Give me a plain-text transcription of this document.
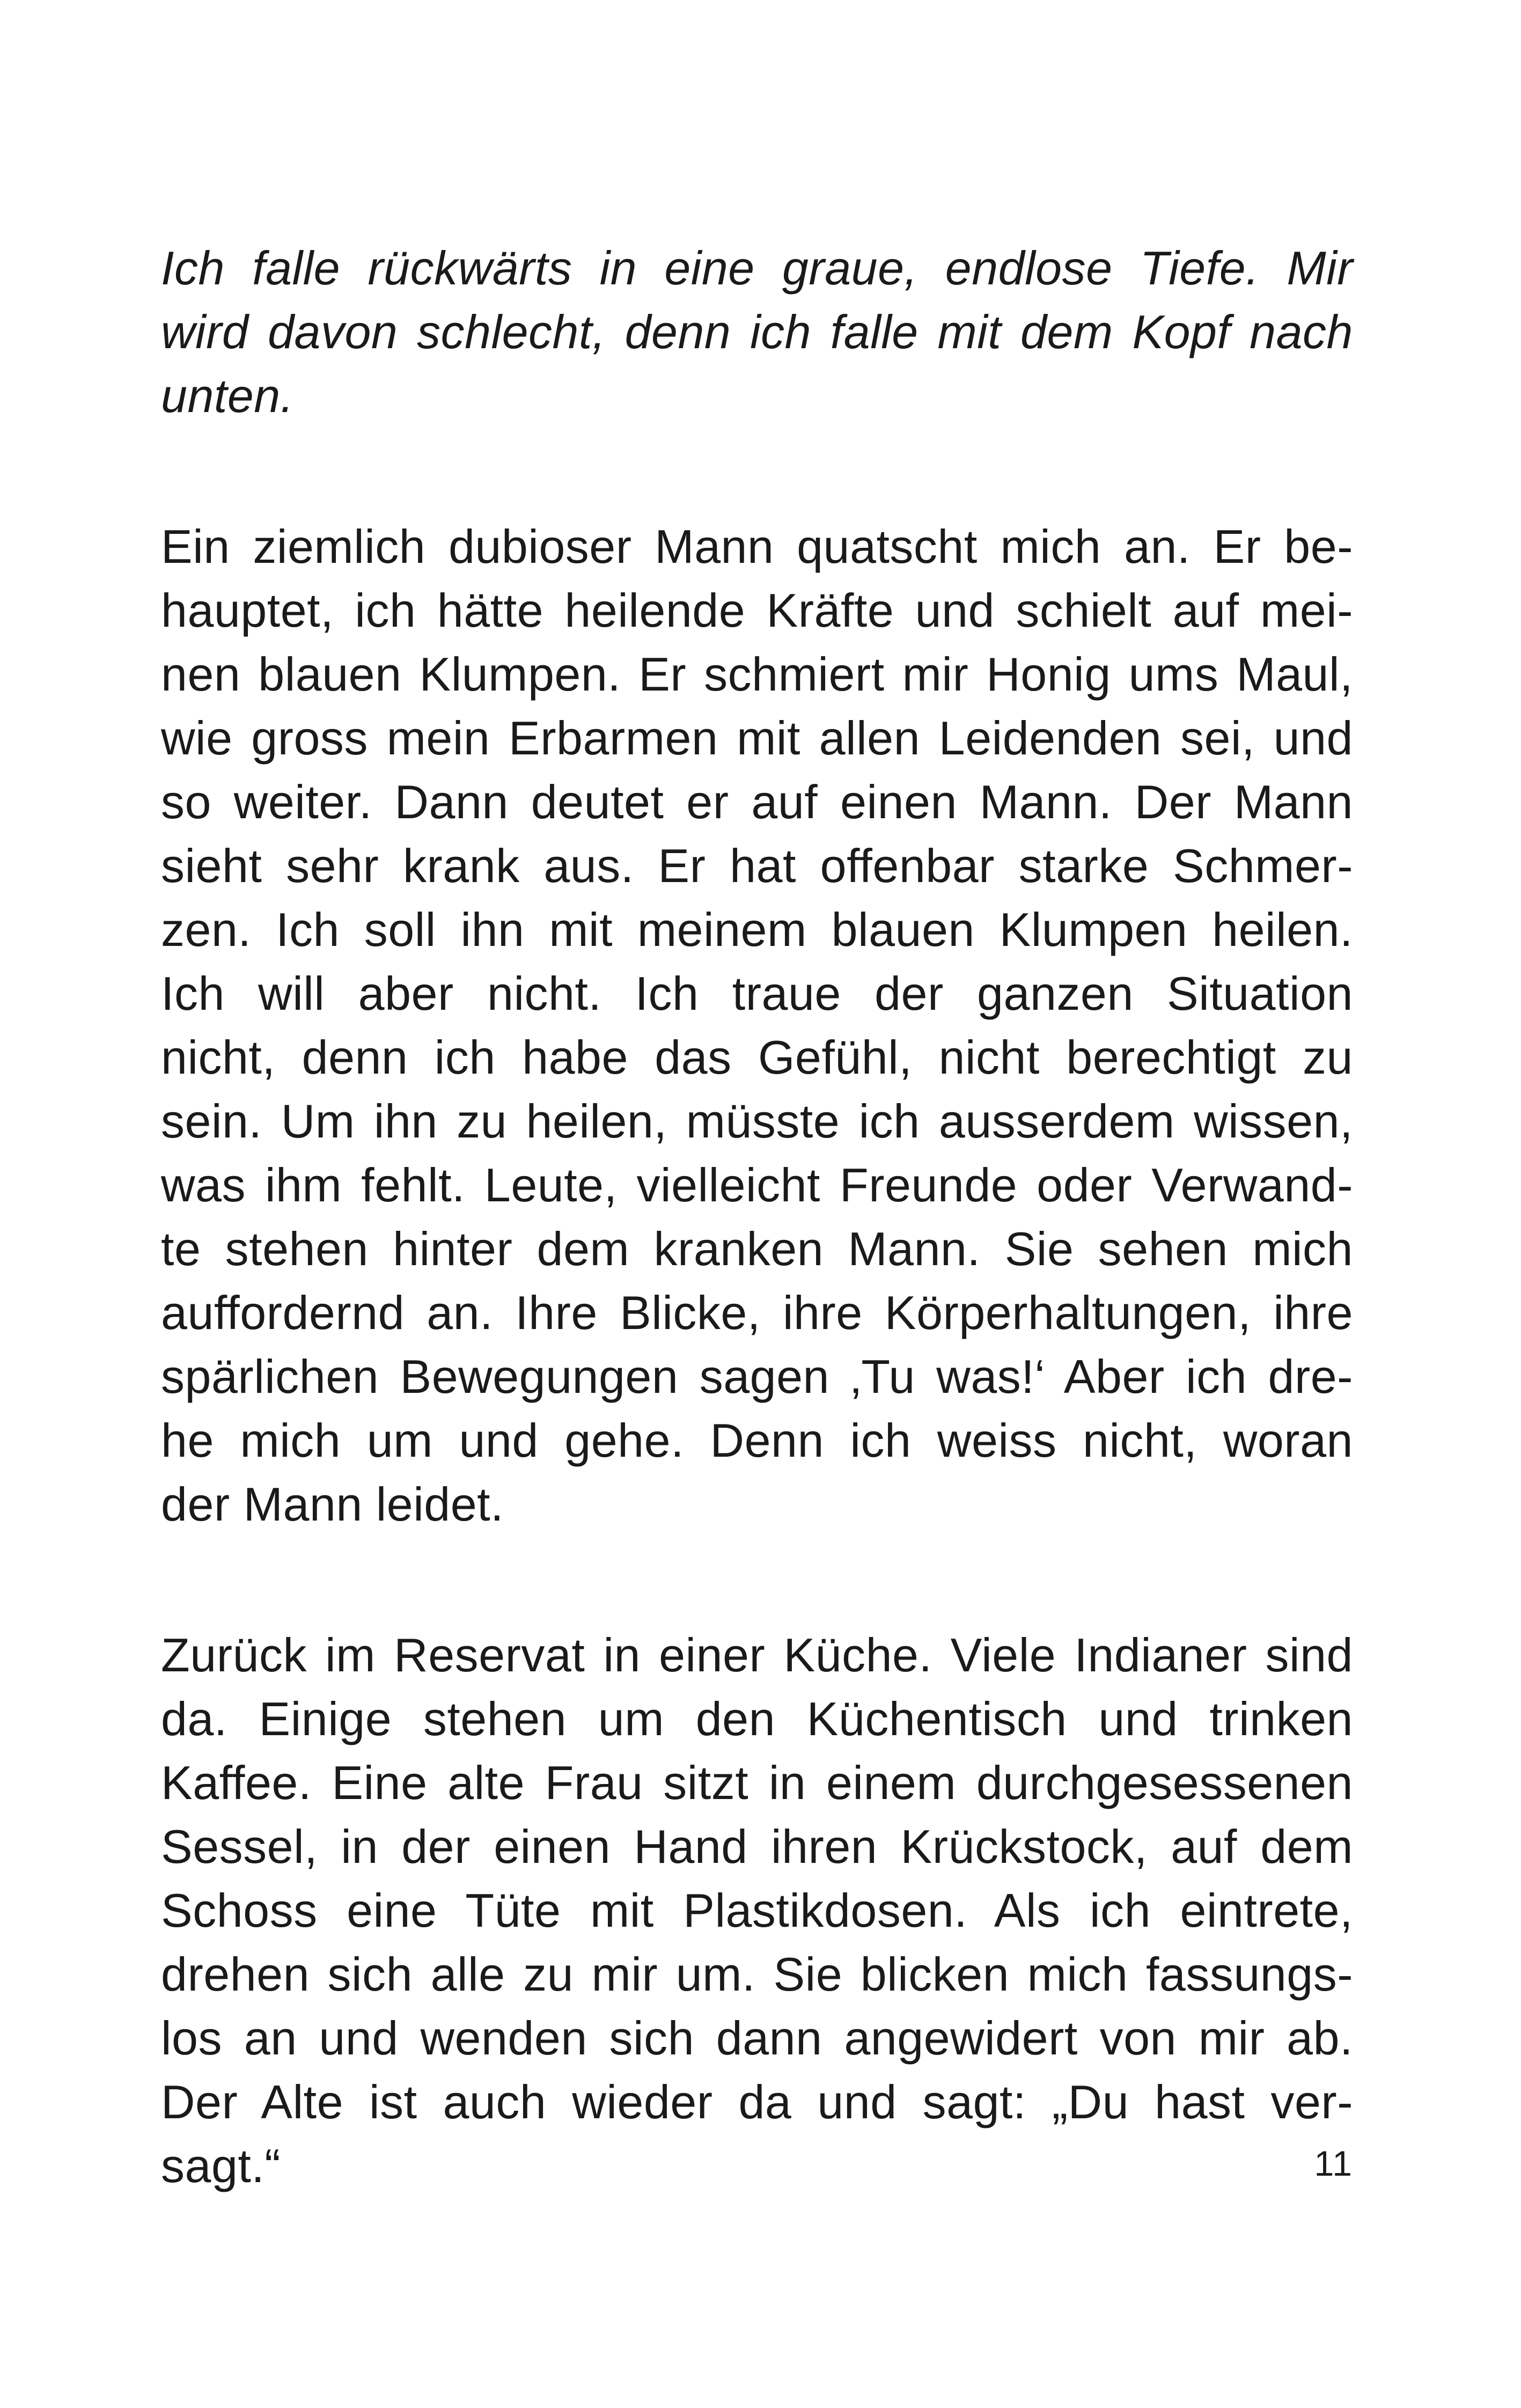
Ich falle rückwärts in eine graue, endlose Tiefe. Mir
wird davon schlecht, denn ich falle mit dem Kopf nach
unten.

Ein ziemlich dubioser Mann quatscht mich an. Er be-
hauptet, ich hätte heilende Kräfte und schielt auf mei-
nen blauen Klumpen. Er schmiert mir Honig ums Maul,
wie gross mein Erbarmen mit allen Leidenden sei, und
so weiter. Dann deutet er auf einen Mann. Der Mann
sieht sehr krank aus. Er hat offenbar starke Schmer-
zen. Ich soll ihn mit meinem blauen Klumpen heilen.
Ich will aber nicht. Ich traue der ganzen Situation
nicht, denn ich habe das Gefühl, nicht berechtigt zu
sein. Um ihn zu heilen, müsste ich ausserdem wissen,
was ihm fehlt. Leute, vielleicht Freunde oder Verwand-
te stehen hinter dem kranken Mann. Sie sehen mich
auffordernd an. Ihre Blicke, ihre Körperhaltungen, ihre
spärlichen Bewegungen sagen ‚Tu was!‘ Aber ich dre-
he mich um und gehe. Denn ich weiss nicht, woran
der Mann leidet.

Zurück im Reservat in einer Küche. Viele Indianer sind
da. Einige stehen um den Küchentisch und trinken
Kaffee. Eine alte Frau sitzt in einem durchgesessenen
Sessel, in der einen Hand ihren Krückstock, auf dem
Schoss eine Tüte mit Plastikdosen. Als ich eintrete,
drehen sich alle zu mir um. Sie blicken mich fassungs-
los an und wenden sich dann angewidert von mir ab.
Der Alte ist auch wieder da und sagt: „Du hast ver-
sagt.“	11
